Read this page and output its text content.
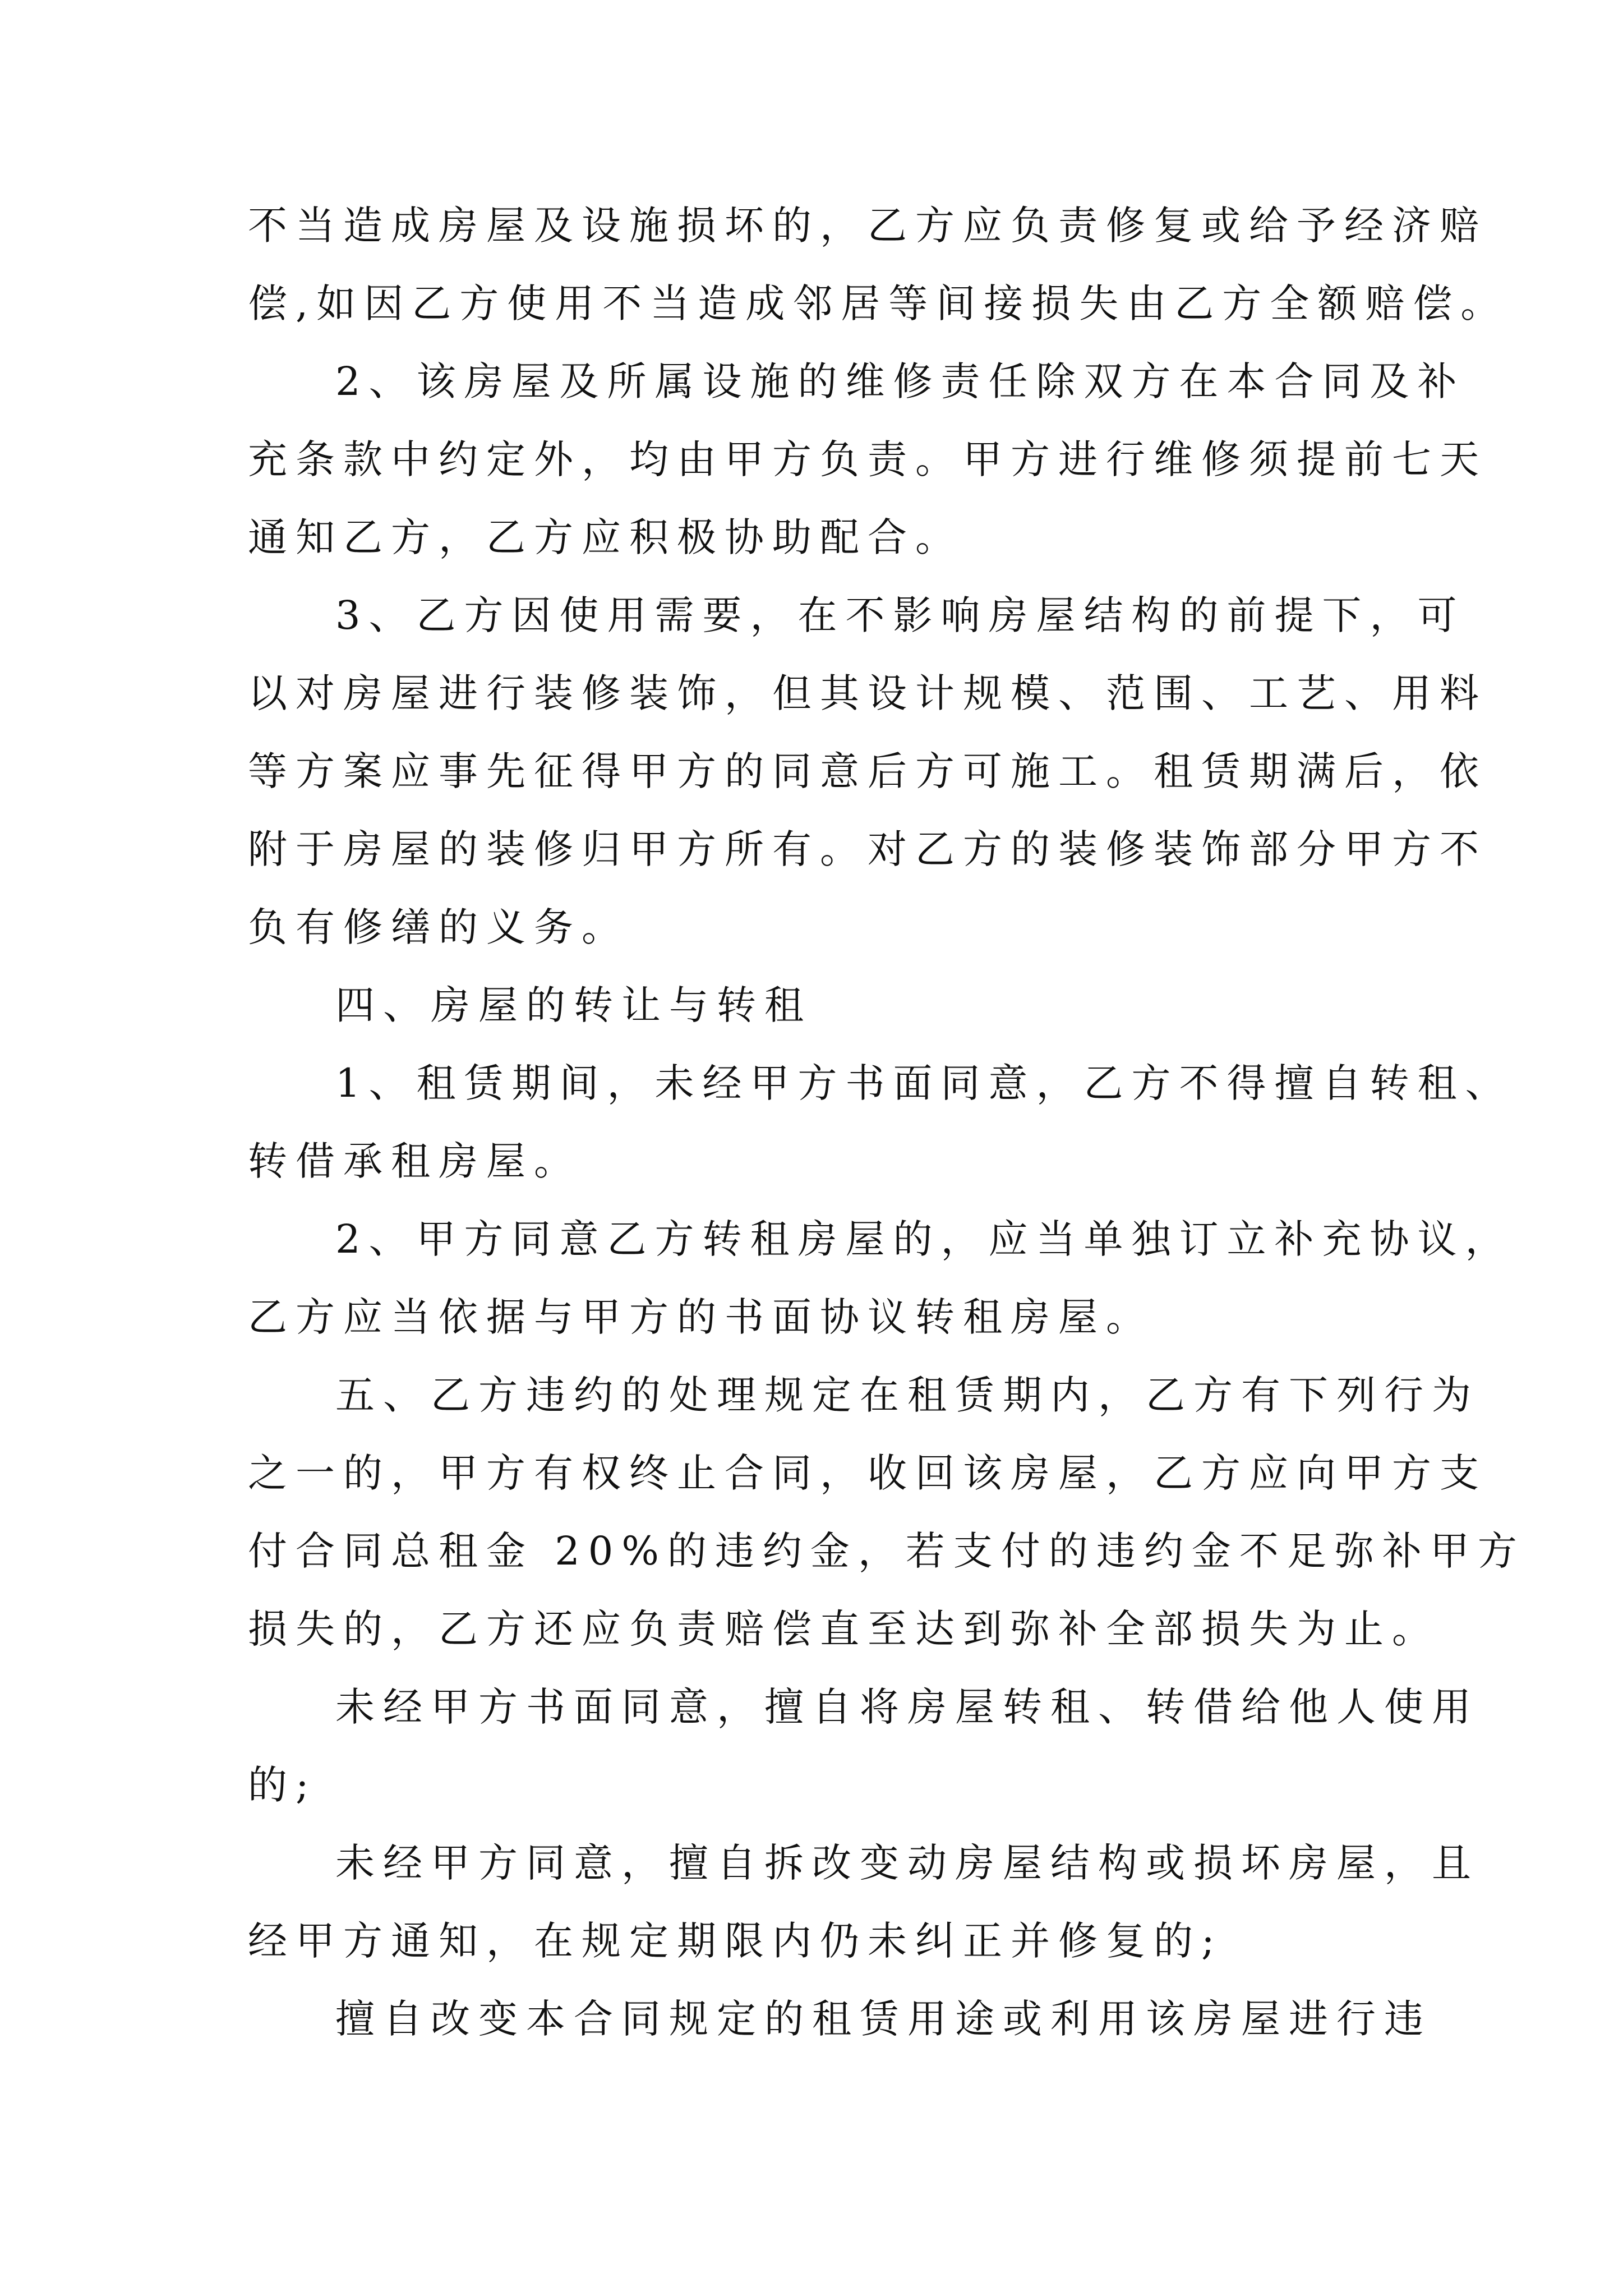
不当造成房屋及设施损坏的，乙方应负责修复或给予经济赔
偿,如因乙方使用不当造成邻居等间接损失由乙方全额赔偿。
2、该房屋及所属设施的维修责任除双方在本合同及补
充条款中约定外，均由甲方负责。甲方进行维修须提前七天
通知乙方，乙方应积极协助配合。
3、乙方因使用需要，在不影响房屋结构的前提下，可
以对房屋进行装修装饰，但其设计规模、范围、工艺、用料
等方案应事先征得甲方的同意后方可施工。租赁期满后，依
附于房屋的装修归甲方所有。对乙方的装修装饰部分甲方不
负有修缮的义务。
四、房屋的转让与转租
1、租赁期间，未经甲方书面同意，乙方不得擅自转租、
转借承租房屋。
2、甲方同意乙方转租房屋的，应当单独订立补充协议，
乙方应当依据与甲方的书面协议转租房屋。
五、乙方违约的处理规定在租赁期内，乙方有下列行为
之一的，甲方有权终止合同，收回该房屋，乙方应向甲方支
付合同总租金 20%的违约金，若支付的违约金不足弥补甲方
损失的，乙方还应负责赔偿直至达到弥补全部损失为止。
未经甲方书面同意，擅自将房屋转租、转借给他人使用
的;
未经甲方同意，擅自拆改变动房屋结构或损坏房屋，且
经甲方通知，在规定期限内仍未纠正并修复的;
擅自改变本合同规定的租赁用途或利用该房屋进行违
